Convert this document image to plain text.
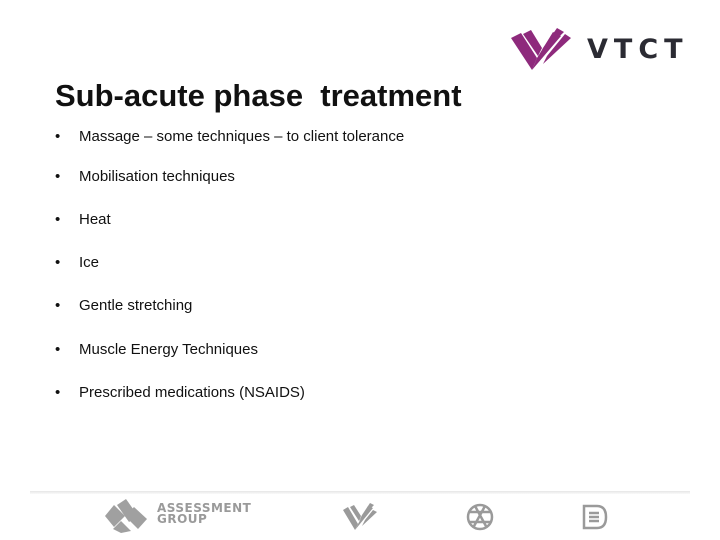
VTCT
Sub-acute phase  treatment
• Massage – some techniques – to client tolerance
• Mobilisation techniques
• Heat
• Ice
• Gentle stretching
• Muscle Energy Techniques
• Prescribed medications (NSAIDS)
ASSESSMENT
GROUP
